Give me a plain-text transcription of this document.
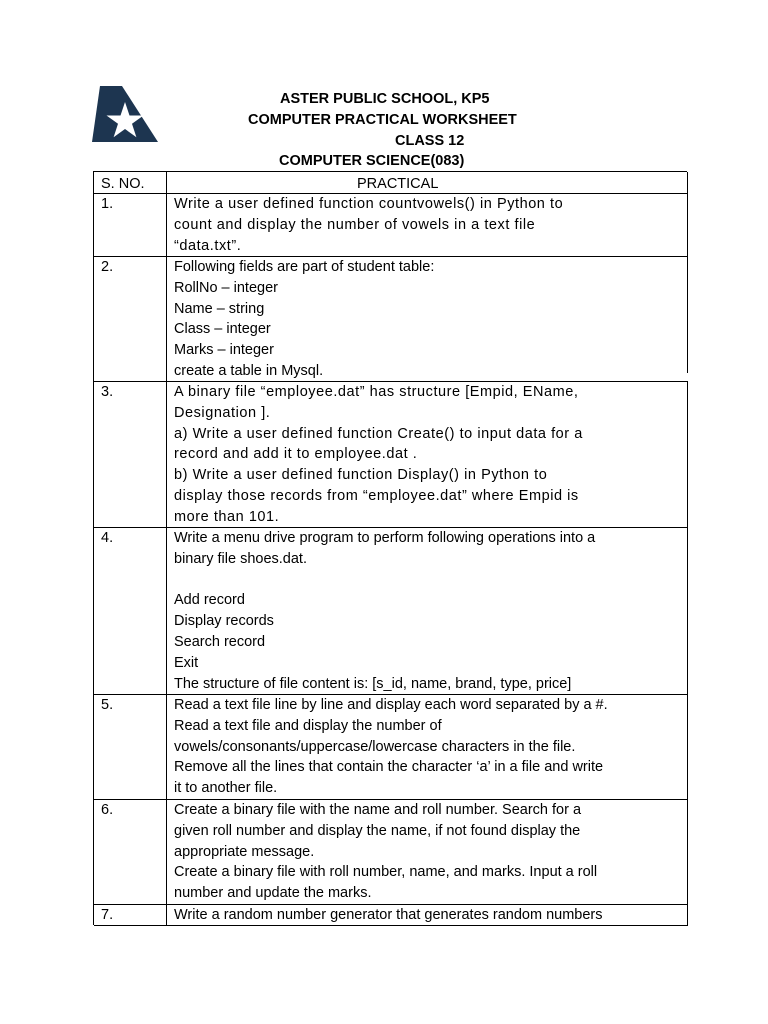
ASTER PUBLIC SCHOOL, KP5
COMPUTER PRACTICAL WORKSHEET
CLASS 12
COMPUTER SCIENCE(083)
S. NO.	PRACTICAL
1.	Write a user defined function countvowels() in Python to
count and display the number of vowels in a text file
“data.txt”.
2.	Following fields are part of student table:
RollNo – integer
Name – string
Class – integer
Marks – integer
create a table in Mysql.
3.	A binary file “employee.dat” has structure [Empid, EName,
Designation ].
a) Write a user defined function Create() to input data for a
record and add it to employee.dat .
b) Write a user defined function Display() in Python to
display those records from “employee.dat” where Empid is
more than 101.
4.	Write a menu drive program to perform following operations into a
binary file shoes.dat.
Add record
Display records
Search record
Exit
The structure of file content is: [s_id, name, brand, type, price]
5.	Read a text file line by line and display each word separated by a #.
Read a text file and display the number of
vowels/consonants/uppercase/lowercase characters in the file.
Remove all the lines that contain the character ‘a’ in a file and write
it to another file.
6.	Create a binary file with the name and roll number. Search for a
given roll number and display the name, if not found display the
appropriate message.
Create a binary file with roll number, name, and marks. Input a roll
number and update the marks.
7.	Write a random number generator that generates random numbers
